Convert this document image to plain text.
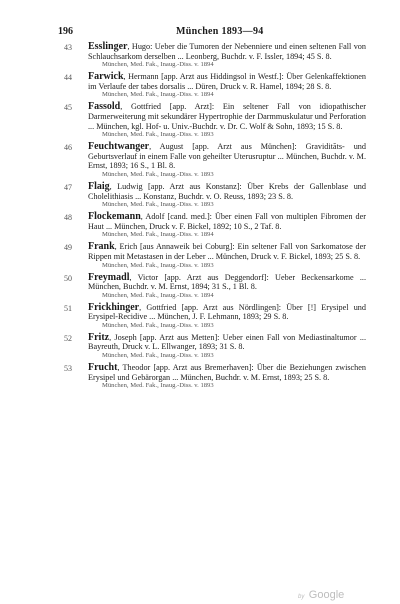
196	München 1893—94
43 Esslinger, Hugo: Ueber die Tumoren der Nebenniere und einen seltenen Fall von Schlauchsarkom derselben ... Leonberg, Buchdr. v. F. Issler, 1894; 45 S. 8.
München, Med. Fak., Inaug.-Diss. v. 1894
44 Farwick, Hermann [app. Arzt aus Hiddingsol in Westf.]: Über Gelenkaffektionen im Verlaufe der tabes dorsalis ... Düren, Druck v. R. Hamel, 1894; 28 S. 8.
München, Med. Fak., Inaug.-Diss. v. 1894
45 Fassold, Gottfried [app. Arzt]: Ein seltener Fall von idiopathischer Darmerweiterung mit sekundärer Hypertrophie der Darmmuskulatur und Perforation ... München, kgl. Hof- u. Univ.-Buchdr. v. Dr. C. Wolf & Sohn, 1893; 15 S. 8.
München, Med. Fak., Inaug.-Diss. v. 1893
46 Feuchtwanger, August [app. Arzt aus München]: Gravidităts- und Geburtsverlauf in einem Falle von geheilter Uterusruptur ... München, Buchdr. v. M. Ernst, 1893; 16 S., 1 Bl. 8.
München, Med. Fak., Inaug.-Diss. v. 1893
47 Flaig, Ludwig [app. Arzt aus Konstanz]: Über Krebs der Gallenblase und Cholelithiasis ... Konstanz, Buchdr. v. O. Reuss, 1893; 23 S. 8.
München, Med. Fak., Inaug.-Diss. v. 1893
48 Flockemann, Adolf [cand. med.]: Über einen Fall von multiplen Fibromen der Haut ... München, Druck v. F. Bickel, 1892; 10 S., 2 Taf. 8.
München, Med. Fak., Inaug.-Diss. v. 1894
49 Frank, Erich [aus Annaweik bei Coburg]: Ein seltener Fall von Sarkomatose der Rippen mit Metastasen in der Leber ... München, Druck v. F. Bickel, 1893; 25 S. 8.
München, Med. Fak., Inaug.-Diss. v. 1893
50 Freymadl, Victor [app. Arzt aus Deggendorf]: Ueber Beckensarkome ... München, Buchdr. v. M. Ernst, 1894; 31 S., 1 Bl. 8.
München, Med. Fak., Inaug.-Diss. v. 1894
51 Frickhinger, Gottfried [app. Arzt aus Nördlingen]: Über [!] Erysipel und Erysipel-Recidive ... München, J. F. Lehmann, 1893; 29 S. 8.
München, Med. Fak., Inaug.-Diss. v. 1893
52 Fritz, Joseph [app. Arzt aus Metten]: Ueber einen Fall von Mediastinaltumor ... Bayreuth, Druck v. L. Ellwanger, 1893; 31 S. 8.
München, Med. Fak., Inaug.-Diss. v. 1893
53 Frucht, Theodor [app. Arzt aus Bremerhaven]: Über die Beziehungen zwischen Erysipel und Gebärorgan ... München, Buchdr. v. M. Ernst, 1893; 25 S. 8.
München, Med. Fak., Inaug.-Diss. v. 1893
by Google
